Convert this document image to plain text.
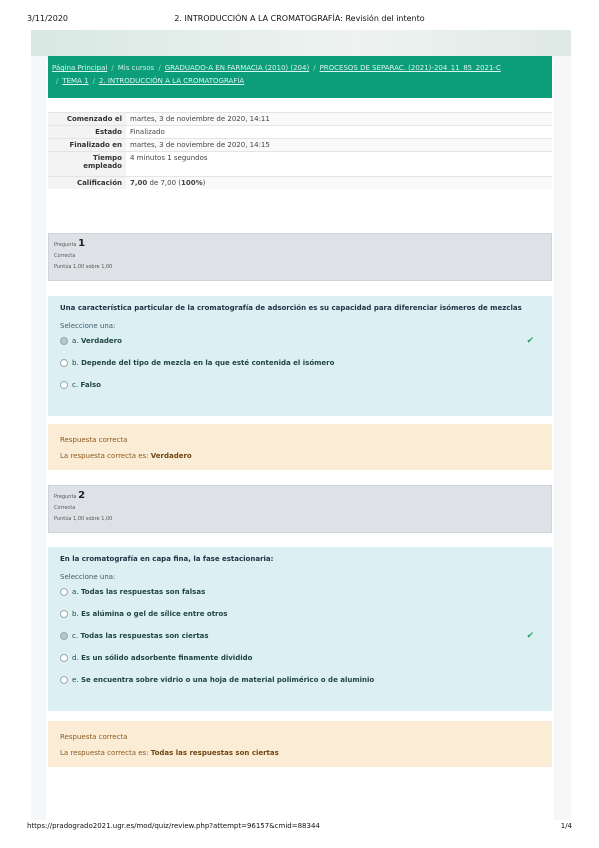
3/11/2020	2. INTRODUCCIÓN A LA CROMATOGRAFÍA: Revisión del intento
Página Principal / Mis cursos / GRADUADO-A EN FARMACIA (2010) (204) / PROCESOS DE SEPARAC. (2021)-204_11_85_2021-C
/ TEMA 1 / 2. INTRODUCCIÓN A LA CROMATOGRAFÍA
Comenzado el	martes, 3 de noviembre de 2020, 14:11
Estado	Finalizado
Finalizado en	martes, 3 de noviembre de 2020, 14:15
Tiempo empleado	4 minutos 1 segundos
Calificación	7,00 de 7,00 (100%)
Pregunta 1
Correcta
Puntúa 1,00 sobre 1,00
Una característica particular de la cromatografía de adsorción es su capacidad para diferenciar isómeros de mezclas
Seleccione una:
a. Verdadero	✔
b. Depende del tipo de mezcla en la que esté contenida el isómero
c. Falso
Respuesta correcta
La respuesta correcta es: Verdadero
Pregunta 2
Correcta
Puntúa 1,00 sobre 1,00
En la cromatografía en capa fina, la fase estacionaria:
Seleccione una:
a. Todas las respuestas son falsas
b. Es alúmina o gel de sílice entre otros
c. Todas las respuestas son ciertas	✔
d. Es un sólido adsorbente finamente dividido
e. Se encuentra sobre vidrio o una hoja de material polimérico o de aluminio
Respuesta correcta
La respuesta correcta es: Todas las respuestas son ciertas
https://pradogrado2021.ugr.es/mod/quiz/review.php?attempt=96157&cmid=88344	1/4
